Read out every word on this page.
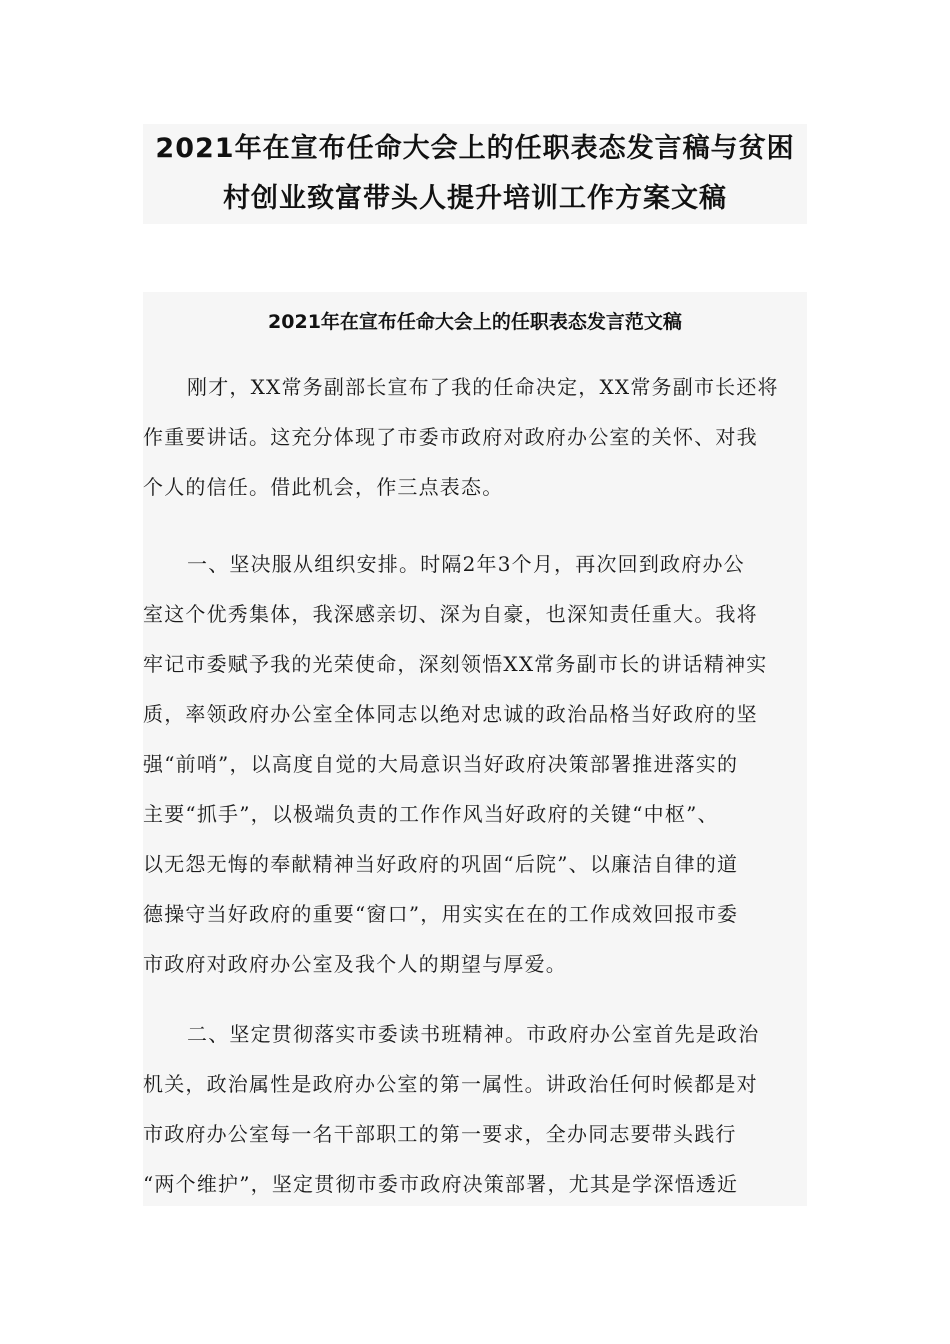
2021年在宣布任命大会上的任职表态发言稿与贫困
村创业致富带头人提升培训工作方案文稿
2021年在宣布任命大会上的任职表态发言范文稿
刚才，XX常务副部长宣布了我的任命决定，XX常务副市长还将
作重要讲话。这充分体现了市委市政府对政府办公室的关怀、对我
个人的信任。借此机会，作三点表态。
一、坚决服从组织安排。时隔2年3个月，再次回到政府办公
室这个优秀集体，我深感亲切、深为自豪，也深知责任重大。我将
牢记市委赋予我的光荣使命，深刻领悟XX常务副市长的讲话精神实
质，率领政府办公室全体同志以绝对忠诚的政治品格当好政府的坚
强“前哨”，以高度自觉的大局意识当好政府决策部署推进落实的
主要“抓手”，以极端负责的工作作风当好政府的关键“中枢”、
以无怨无悔的奉献精神当好政府的巩固“后院”、以廉洁自律的道
德操守当好政府的重要“窗口”，用实实在在的工作成效回报市委
市政府对政府办公室及我个人的期望与厚爱。
二、坚定贯彻落实市委读书班精神。市政府办公室首先是政治
机关，政治属性是政府办公室的第一属性。讲政治任何时候都是对
市政府办公室每一名干部职工的第一要求，全办同志要带头践行
“两个维护”，坚定贯彻市委市政府决策部署，尤其是学深悟透近
